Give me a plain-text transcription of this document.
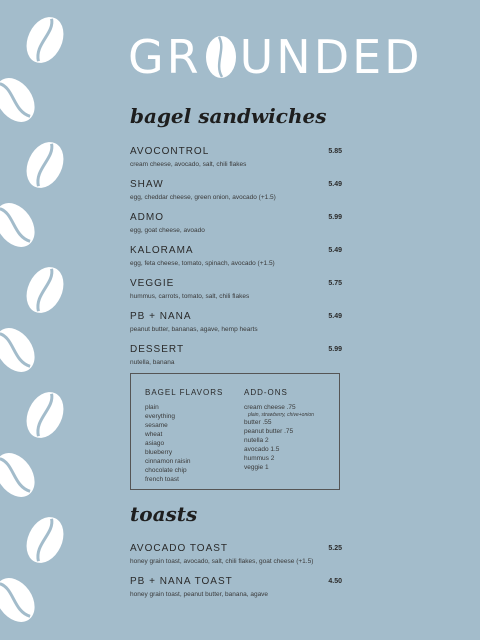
GR UNDED
bagel sandwiches
AVOCONTROL
cream cheese, avocado, salt, chili flakes
5.85
SHAW
egg, cheddar cheese, green onion, avocado (+1.5)
5.49
ADMO
egg, goat cheese, avoado
5.99
KALORAMA
egg, feta cheese, tomato, spinach, avocado (+1.5)
5.49
VEGGIE
hummus, carrots, tomato, salt, chili flakes
5.75
PB + NANA
peanut butter, bananas, agave, hemp hearts
5.49
DESSERT
nutella, banana
5.99
BAGEL FLAVORS
plain
everything
sesame
wheat
asiago
blueberry
cinnamon raisin
chocolate chip
french toast
ADD-ONS
cream cheese .75
plain, strawberry, chive+onion
butter .55
peanut butter .75
nutella 2
avocado 1.5
hummus 2
veggie 1
toasts
AVOCADO TOAST
honey grain toast, avocado, salt, chili flakes, goat cheese (+1.5)
5.25
PB + NANA TOAST
honey grain toast, peanut butter, banana, agave
4.50
